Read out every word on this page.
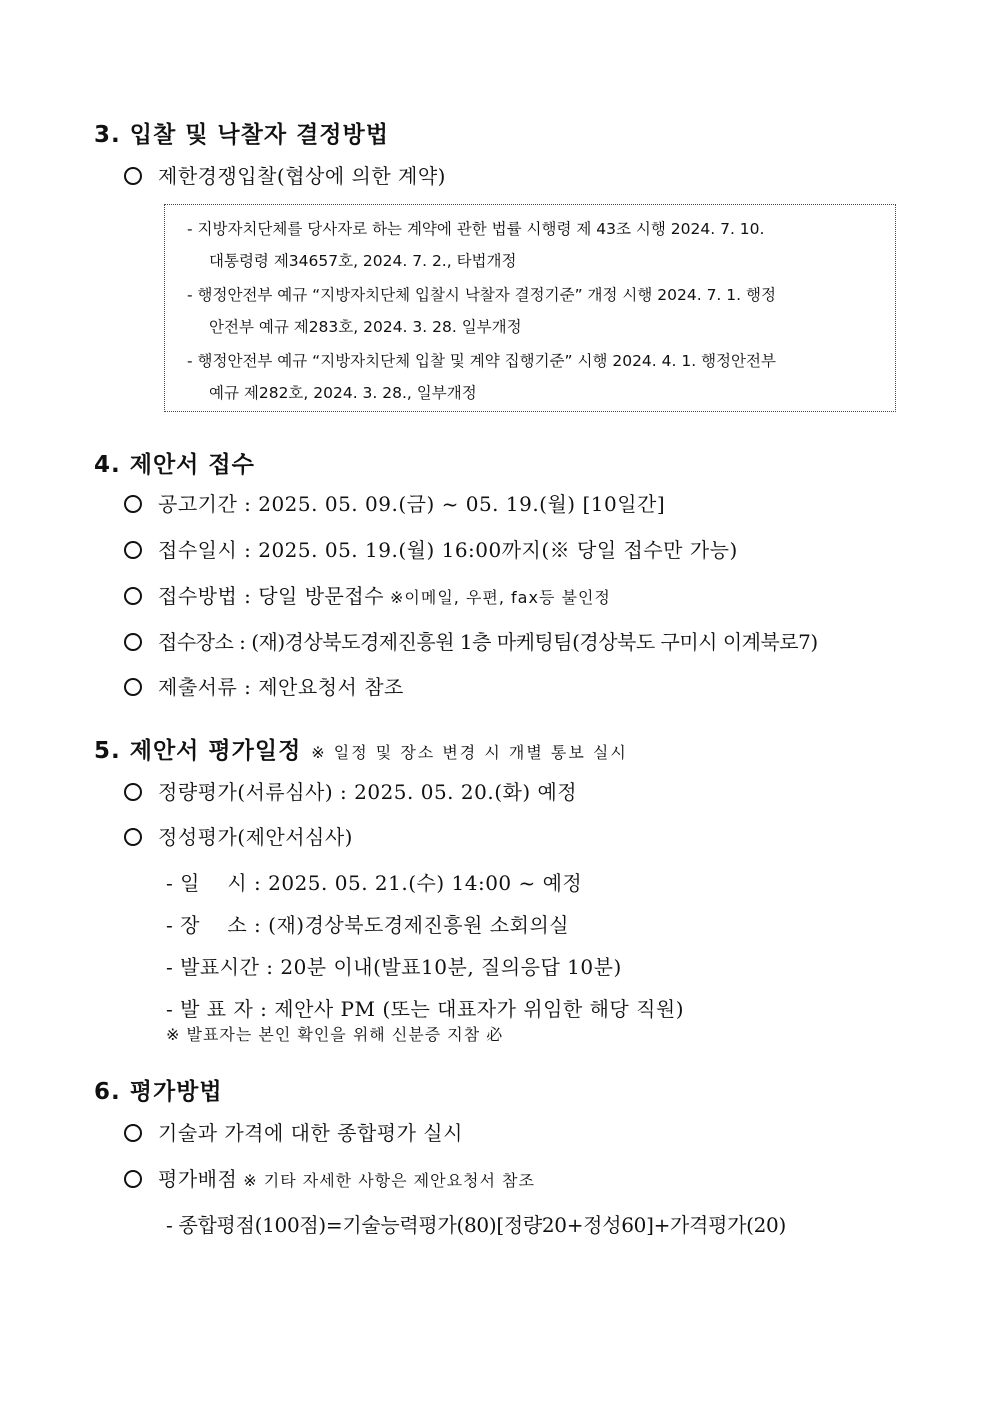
3. 입찰 및 낙찰자 결정방법
제한경쟁입찰(협상에 의한 계약)
- 지방자치단체를 당사자로 하는 계약에 관한 법률 시행령 제 43조 시행 2024. 7. 10.
대통령령 제34657호, 2024. 7. 2., 타법개정
- 행정안전부 예규 “지방자치단체 입찰시 낙찰자 결정기준” 개정 시행 2024. 7. 1. 행정
안전부 예규 제283호, 2024. 3. 28. 일부개정
- 행정안전부 예규 “지방자치단체 입찰 및 계약 집행기준” 시행 2024. 4. 1. 행정안전부
예규 제282호, 2024. 3. 28., 일부개정
4. 제안서 접수
공고기간 : 2025. 05. 09.(금) ~ 05. 19.(월) [10일간]
접수일시 : 2025. 05. 19.(월) 16:00까지(※ 당일 접수만 가능)
접수방법 : 당일 방문접수 ※이메일, 우편, fax등 불인정
접수장소 : (재)경상북도경제진흥원 1층 마케팅팀(경상북도 구미시 이계북로7)
제출서류 : 제안요청서 참조
5. 제안서 평가일정 ※ 일정 및 장소 변경 시 개별 통보 실시
정량평가(서류심사) : 2025. 05. 20.(화) 예정
정성평가(제안서심사)
- 일    시 : 2025. 05. 21.(수) 14:00 ~ 예정
- 장    소 : (재)경상북도경제진흥원 소회의실
- 발표시간 : 20분 이내(발표10분, 질의응답 10분)
- 발 표 자 : 제안사 PM (또는 대표자가 위임한 해당 직원)
※ 발표자는 본인 확인을 위해 신분증 지참 必
6. 평가방법
기술과 가격에 대한 종합평가 실시
평가배점 ※ 기타 자세한 사항은 제안요청서 참조
- 종합평점(100점)=기술능력평가(80)[정량20+정성60]+가격평가(20)
